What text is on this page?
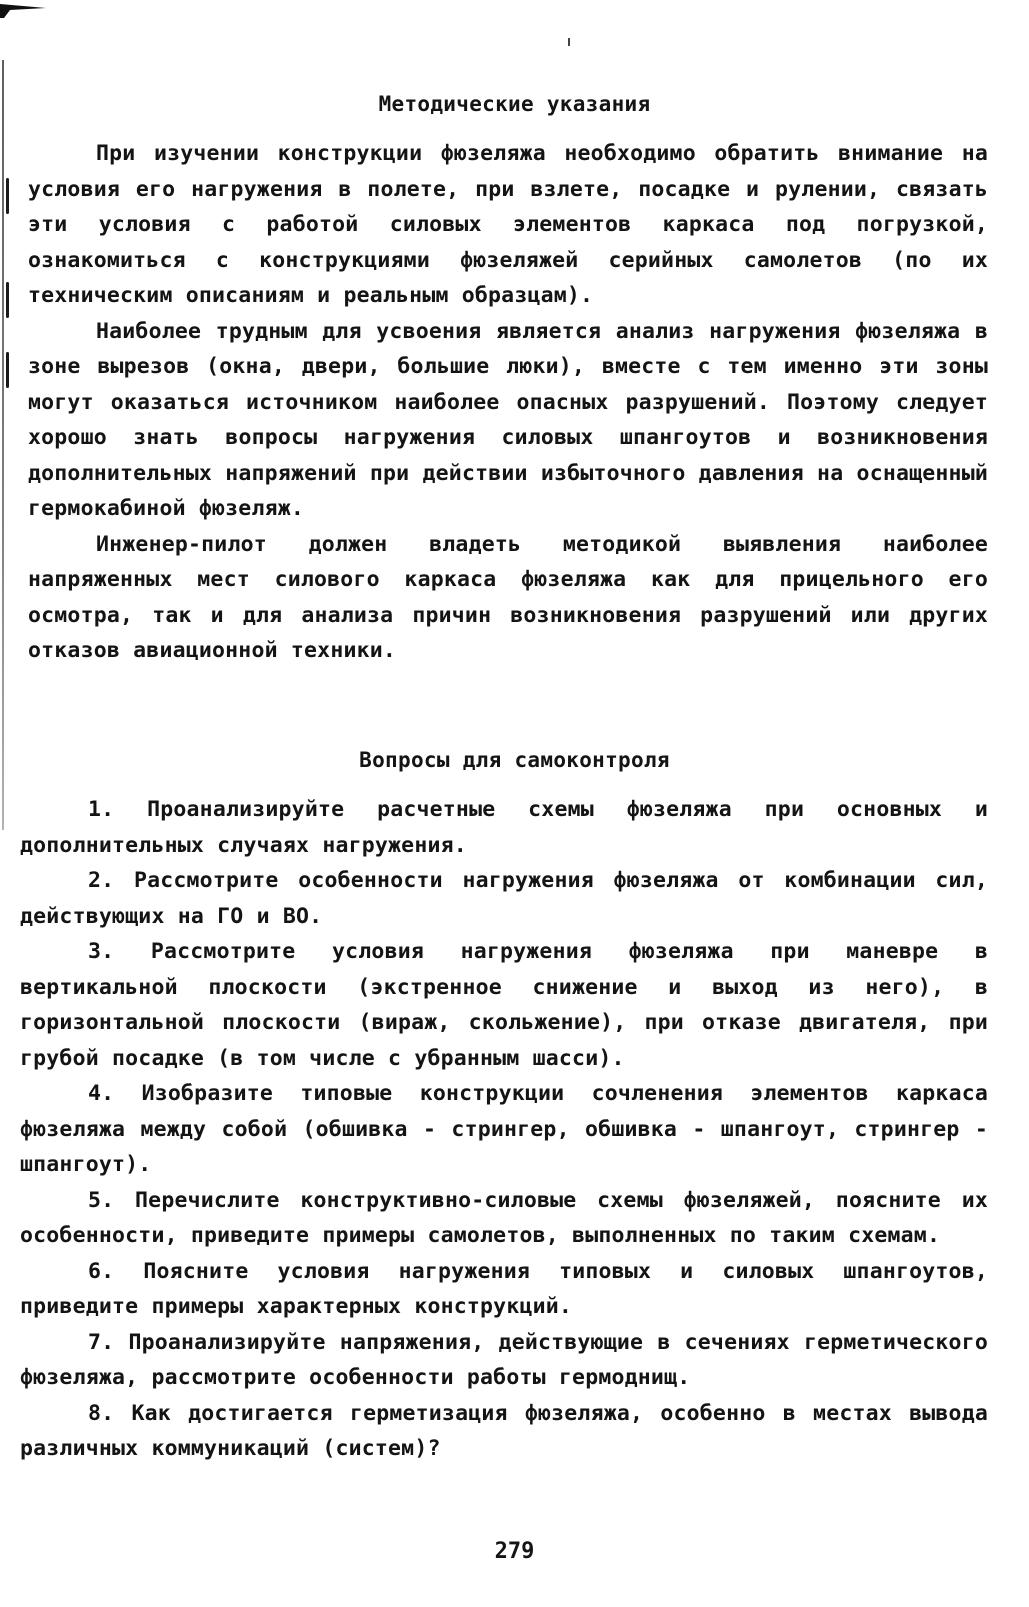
Методические указания

При изучении конструкции фюзеляжа необходимо обратить внимание на условия его нагружения в полете, при взлете, посадке и рулении, связать эти условия с работой силовых элементов каркаса под погрузкой, ознакомиться с конструкциями фюзеляжей серийных самолетов (по их техническим описаниям и реальным образцам).

Наиболее трудным для усвоения является анализ нагружения фюзеляжа в зоне вырезов (окна, двери, большие люки), вместе с тем именно эти зоны могут оказаться источником наиболее опасных разрушений. Поэтому следует хорошо знать вопросы нагружения силовых шпангоутов и возникновения дополнительных напряжений при действии избыточного давления на оснащенный гермокабиной фюзеляж.

Инженер-пилот должен владеть методикой выявления наиболее напряженных мест силового каркаса фюзеляжа как для прицельного его осмотра, так и для анализа причин возникновения разрушений или других отказов авиационной техники.

Вопросы для самоконтроля

1. Проанализируйте расчетные схемы фюзеляжа при основных и дополнительных случаях нагружения.

2. Рассмотрите особенности нагружения фюзеляжа от комбинации сил, действующих на ГО и ВО.

3. Рассмотрите условия нагружения фюзеляжа при маневре в вертикальной плоскости (экстренное снижение и выход из него), в горизонтальной плоскости (вираж, скольжение), при отказе двигателя, при грубой посадке (в том числе с убранным шасси).

4. Изобразите типовые конструкции сочленения элементов каркаса фюзеляжа между собой (обшивка - стрингер, обшивка - шпангоут, стрингер - шпангоут).

5. Перечислите конструктивно-силовые схемы фюзеляжей, поясните их особенности, приведите примеры самолетов, выполненных по таким схемам.

6. Поясните условия нагружения типовых и силовых шпангоутов, приведите примеры характерных конструкций.

7. Проанализируйте напряжения, действующие в сечениях герметического фюзеляжа, рассмотрите особенности работы гермоднищ.

8. Как достигается герметизация фюзеляжа, особенно в местах вывода различных коммуникаций (систем)?

279
